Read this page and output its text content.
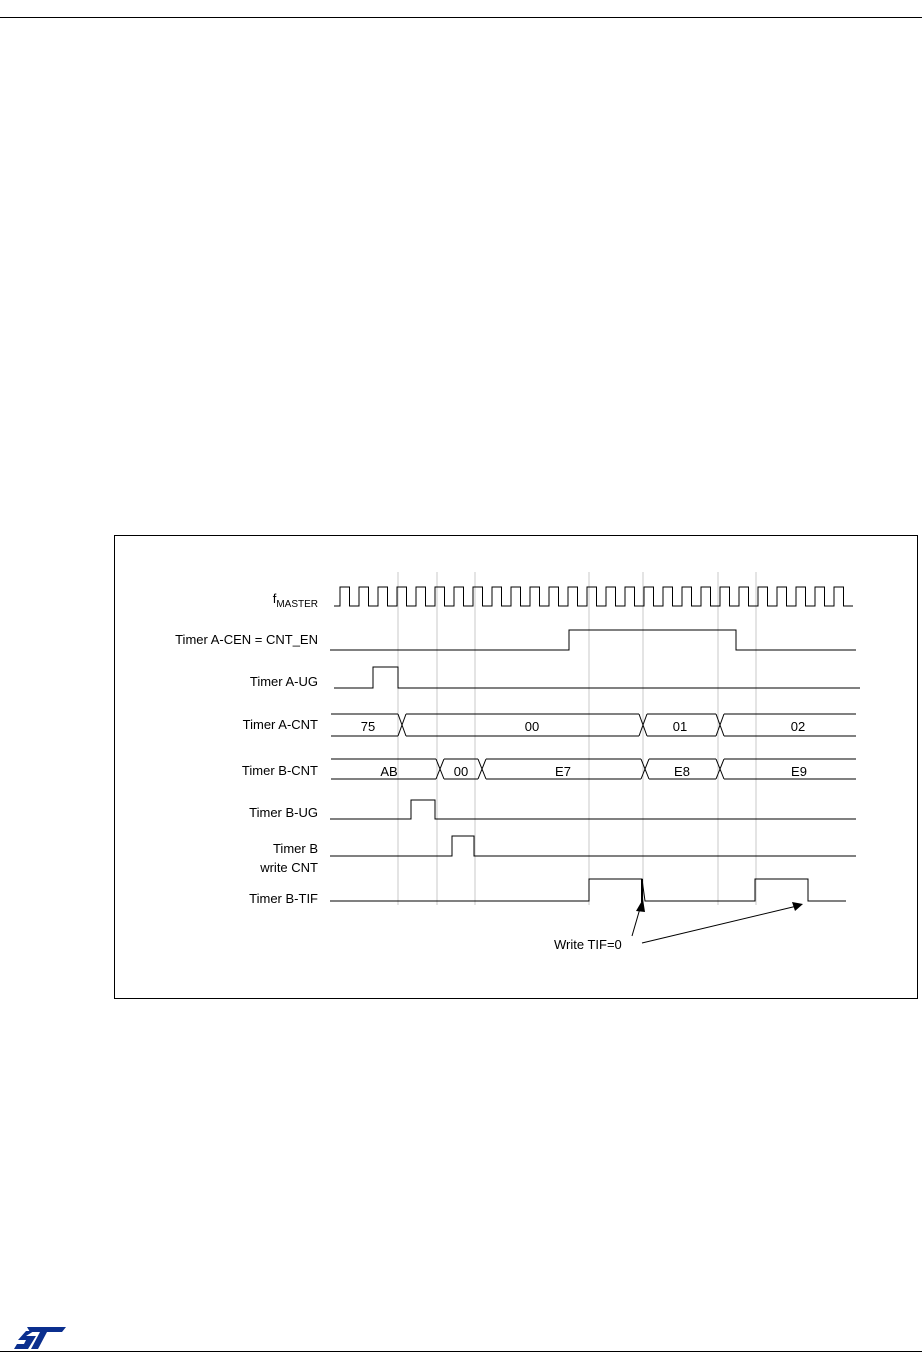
$f_{MASTER}$
Timer A-CEN = CNT_EN
Timer A-UG
Timer A-CNT
Timer B-CNT
Timer B-UG
Timer B
write CNT
Timer B-TIF
75	00	01	02
AB	00	E7	E8	E9
Write TIF=0
